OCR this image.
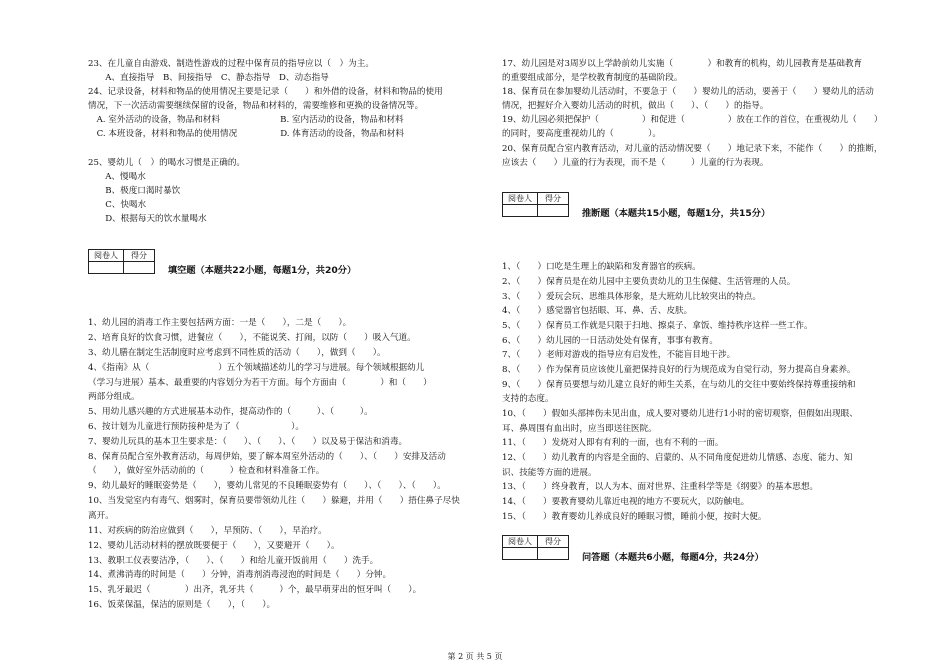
23、在儿童自由游戏、制造性游戏的过程中保育员的指导应以（　）为主。
　　A、直接指导　B、间接指导　C、静态指导　D、动态指导
24、记录设备，材料和物品的使用情况主要是记录（　　）和外借的设备，材料和物品的使用
情况，下一次活动需要继续保留的设备，物品和材料的，需要维修和更换的设备情况等。
　A. 室外活动的设备，物品和材料　　　　　　　B. 室内活动的设备，物品和材料
　C. 本班设备，材料和物品的使用情况　　　　　D. 体育活动的设备，物品和材料
25、婴幼儿（　）的喝水习惯是正确的。
　　A、慢喝水
　　B、极度口渴时暴饮
　　C、快喝水
　　D、根据每天的饮水量喝水
阅卷人	得分

填空题（本题共22小题，每题1分，共20分）
1、幼儿园的消毒工作主要包括两方面：一是（　　），二是（　　）。
2、培育良好的饮食习惯，进餐应（　　），不能说笑、打闹，以防（　　）吸入气道。
3、幼儿膳在制定生活制度时应考虑到不同性质的活动（　　），做到（　　）。
4、《指南》从（　　　　　　　　）五个领域描述幼儿的学习与进展。每个领域根据幼儿
（学习与进展）基本、最重要的内容划分为若干方面。每个方面由（　　　　）和（　　）
两部分组成。
5、用幼儿感兴趣的方式进展基本动作，提高动作的（　　　）、（　　　）。
6、按计划为儿童进行预防接种是为了（　　　　　　）。
7、婴幼儿玩具的基本卫生要求是：（　　）、（　　）、（　　）以及易于保洁和消毒。
8、保育员配合室外教育活动，每周伊始，要了解本周室外活动的（　　）、（　　）安排及活动
（　　），做好室外活动前的（　　　）检查和材料准备工作。
9、幼儿最好的睡眠姿势是（　　），婴幼儿常见的不良睡眠姿势有（　　）、（　　）、（　　）。
10、当发觉室内有毒气、烟雾时，保育员要带领幼儿往（　　）躲避，并用（　　）捂住鼻子尽快
离开。
11、对疾病的防治应做到（　　），早预防、（　　），早治疗。
12、婴幼儿活动材料的摆放既要便于（　　），又要避开（　　）。
13、教职工仪表要洁净，（　　）、（　　）和给儿童开饭前用（　　）洗手。
14、煮沸消毒的时间是（　　）分钟，消毒剂消毒浸泡的时间是（　　）分钟。
15、乳牙最迟（　　　　）出齐，乳牙共（　　　）个，最早萌芽出的恒牙叫（　　）。
16、饭菜保温，保洁的原则是（　　），（　　）。
17、幼儿园是对3周岁以上学龄前幼儿实施（　　　　）和教育的机构，幼儿园教育是基础教育
的重要组成部分，是学校教育制度的基础阶段。
18、保育员在参加婴幼儿活动时，不要急于（　　）婴幼儿的活动，要善于（　　）婴幼儿的活动
情况，把握好介入婴幼儿活动的时机，做出（　　）、（　　）的指导。
19、幼儿园必须把保护（　　　　　）和促进（　　　　　）放在工作的首位，在重视幼儿（　　）
的同时，要高度重视幼儿的（　　　　）。
20、保育员配合室内教育活动，对儿童的活动情况要（　　）地记录下来，不能作（　　）的推断，
应该去（　　）儿童的行为表现，而不是（　　　）儿童的行为表现。
阅卷人	得分

推断题（本题共15小题，每题1分，共15分）
1、（　　）口吃是生理上的缺陷和发育器官的疾病。
2、（　　）保育员是在幼儿园中主要负责幼儿的卫生保健、生活管理的人员。
3、（　　）爱玩会玩、思维具体形象，是大班幼儿比较突出的特点。
4、（　　）感觉器官包括眼、耳、鼻、舌、皮肤。
5、（　　）保育员工作就是只限于扫地、擦桌子、拿饭、维持秩序这样一些工作。
6、（　　）幼儿园的一日活动处处有保育，事事有教育。
7、（　　）老师对游戏的指导应有启发性，不能盲目地干涉。
8、（　　）作为保育员应该使儿童把保持良好的行为规范成为自觉行动，努力提高自身素养。
9、（　　）保育员要想与幼儿建立良好的师生关系，在与幼儿的交往中要始终保持尊重接纳和
支持的态度。
10、（　　）假如头部摔伤未见出血，成人要对婴幼儿进行1小时的密切观察，但假如出现眼、
耳、鼻周围有血出时，应当即送往医院。
11、（　　）发烧对人即有有利的一面，也有不利的一面。
12、（　　）幼儿教育的内容是全面的、启蒙的、从不同角度促进幼儿情感、态度、能力、知
识、技能等方面的进展。
13、（　　）终身教育，以人为本、面对世界、注重科学等是《纲要》的基本思想。
14、（　　）要教育婴幼儿靠近电视的地方不要玩火，以防触电。
15、（　　）教育婴幼儿养成良好的睡眠习惯，睡前小便，按时大便。
阅卷人	得分

问答题（本题共6小题，每题4分，共24分）
第 2 页 共 5 页
